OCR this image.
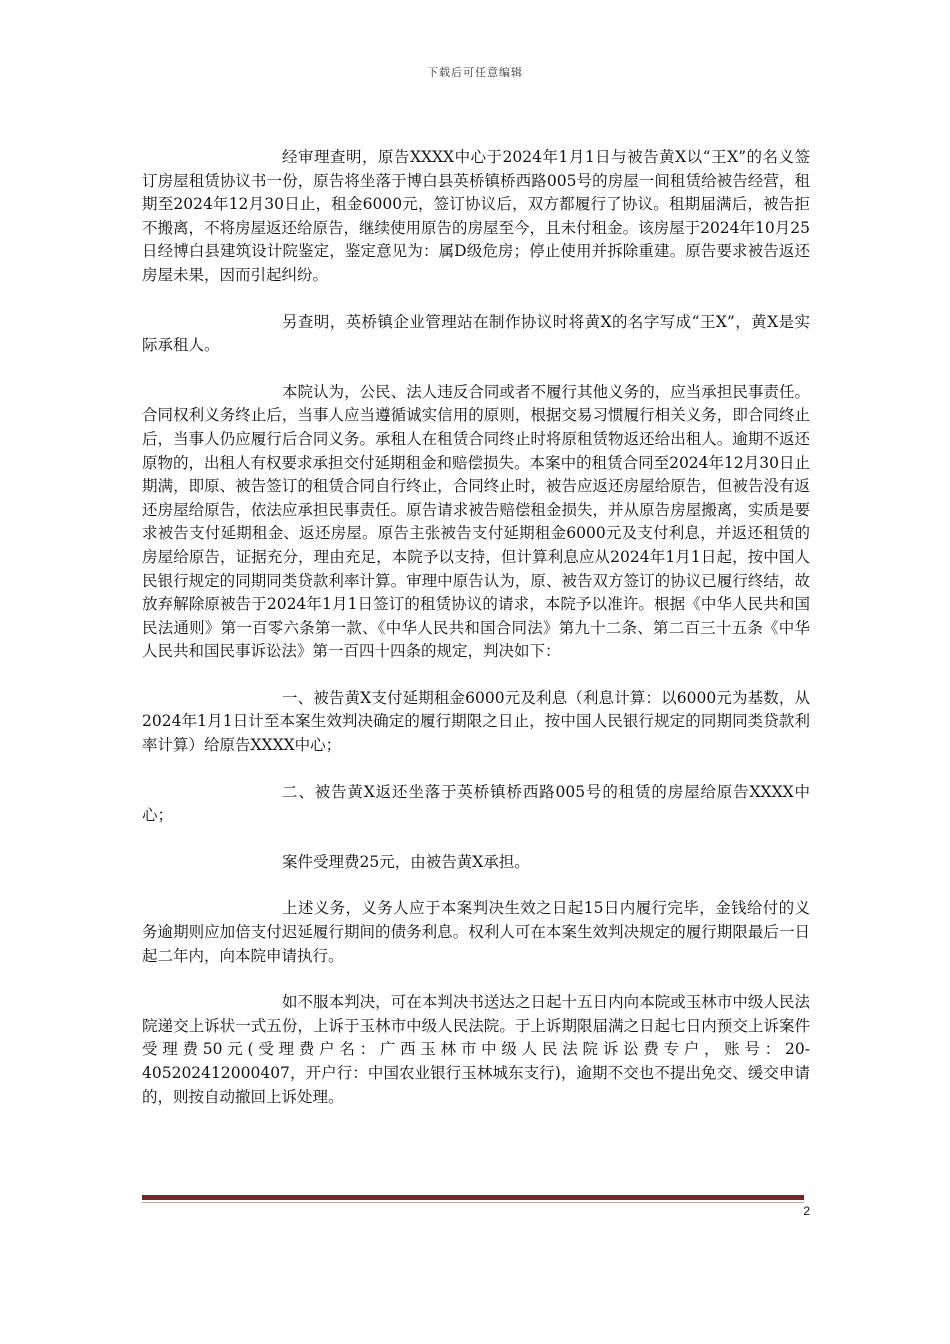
下载后可任意编辑

经审理查明，原告XXXX中心于2024年1月1日与被告黄X以“王X”的名义签订房屋租赁协议书一份，原告将坐落于博白县英桥镇桥西路005号的房屋一间租赁给被告经营，租期至2024年12月30日止，租金6000元，签订协议后，双方都履行了协议。租期届满后，被告拒不搬离，不将房屋返还给原告，继续使用原告的房屋至今，且未付租金。该房屋于2024年10月25日经博白县建筑设计院鉴定，鉴定意见为：属D级危房；停止使用并拆除重建。原告要求被告返还房屋未果，因而引起纠纷。

另查明，英桥镇企业管理站在制作协议时将黄X的名字写成“王X”，黄X是实际承租人。

本院认为，公民、法人违反合同或者不履行其他义务的，应当承担民事责任。合同权利义务终止后，当事人应当遵循诚实信用的原则，根据交易习惯履行相关义务，即合同终止后，当事人仍应履行后合同义务。承租人在租赁合同终止时将原租赁物返还给出租人。逾期不返还原物的，出租人有权要求承担交付延期租金和赔偿损失。本案中的租赁合同至2024年12月30日止期满，即原、被告签订的租赁合同自行终止，合同终止时，被告应返还房屋给原告，但被告没有返还房屋给原告，依法应承担民事责任。原告请求被告赔偿租金损失，并从原告房屋搬离，实质是要求被告支付延期租金、返还房屋。原告主张被告支付延期租金6000元及支付利息，并返还租赁的房屋给原告，证据充分，理由充足，本院予以支持，但计算利息应从2024年1月1日起，按中国人民银行规定的同期同类贷款利率计算。审理中原告认为，原、被告双方签订的协议已履行终结，故放弃解除原被告于2024年1月1日签订的租赁协议的请求，本院予以准许。根据《中华人民共和国民法通则》第一百零六条第一款、《中华人民共和国合同法》第九十二条、第二百三十五条《中华人民共和国民事诉讼法》第一百四十四条的规定，判决如下：

一、被告黄X支付延期租金6000元及利息（利息计算：以6000元为基数，从2024年1月1日计至本案生效判决确定的履行期限之日止，按中国人民银行规定的同期同类贷款利率计算）给原告XXXX中心；

二、被告黄X返还坐落于英桥镇桥西路005号的租赁的房屋给原告XXXX中心；

案件受理费25元，由被告黄X承担。

上述义务，义务人应于本案判决生效之日起15日内履行完毕，金钱给付的义务逾期则应加倍支付迟延履行期间的债务利息。权利人可在本案生效判决规定的履行期限最后一日起二年内，向本院申请执行。

如不服本判决，可在本判决书送达之日起十五日内向本院或玉林市中级人民法院递交上诉状一式五份，上诉于玉林市中级人民法院。于上诉期限届满之日起七日内预交上诉案件受理费50元(受理费户名：广西玉林市中级人民法院诉讼费专户，账号：20-405202412000407，开户行：中国农业银行玉林城东支行)，逾期不交也不提出免交、缓交申请的，则按自动撤回上诉处理。

2
